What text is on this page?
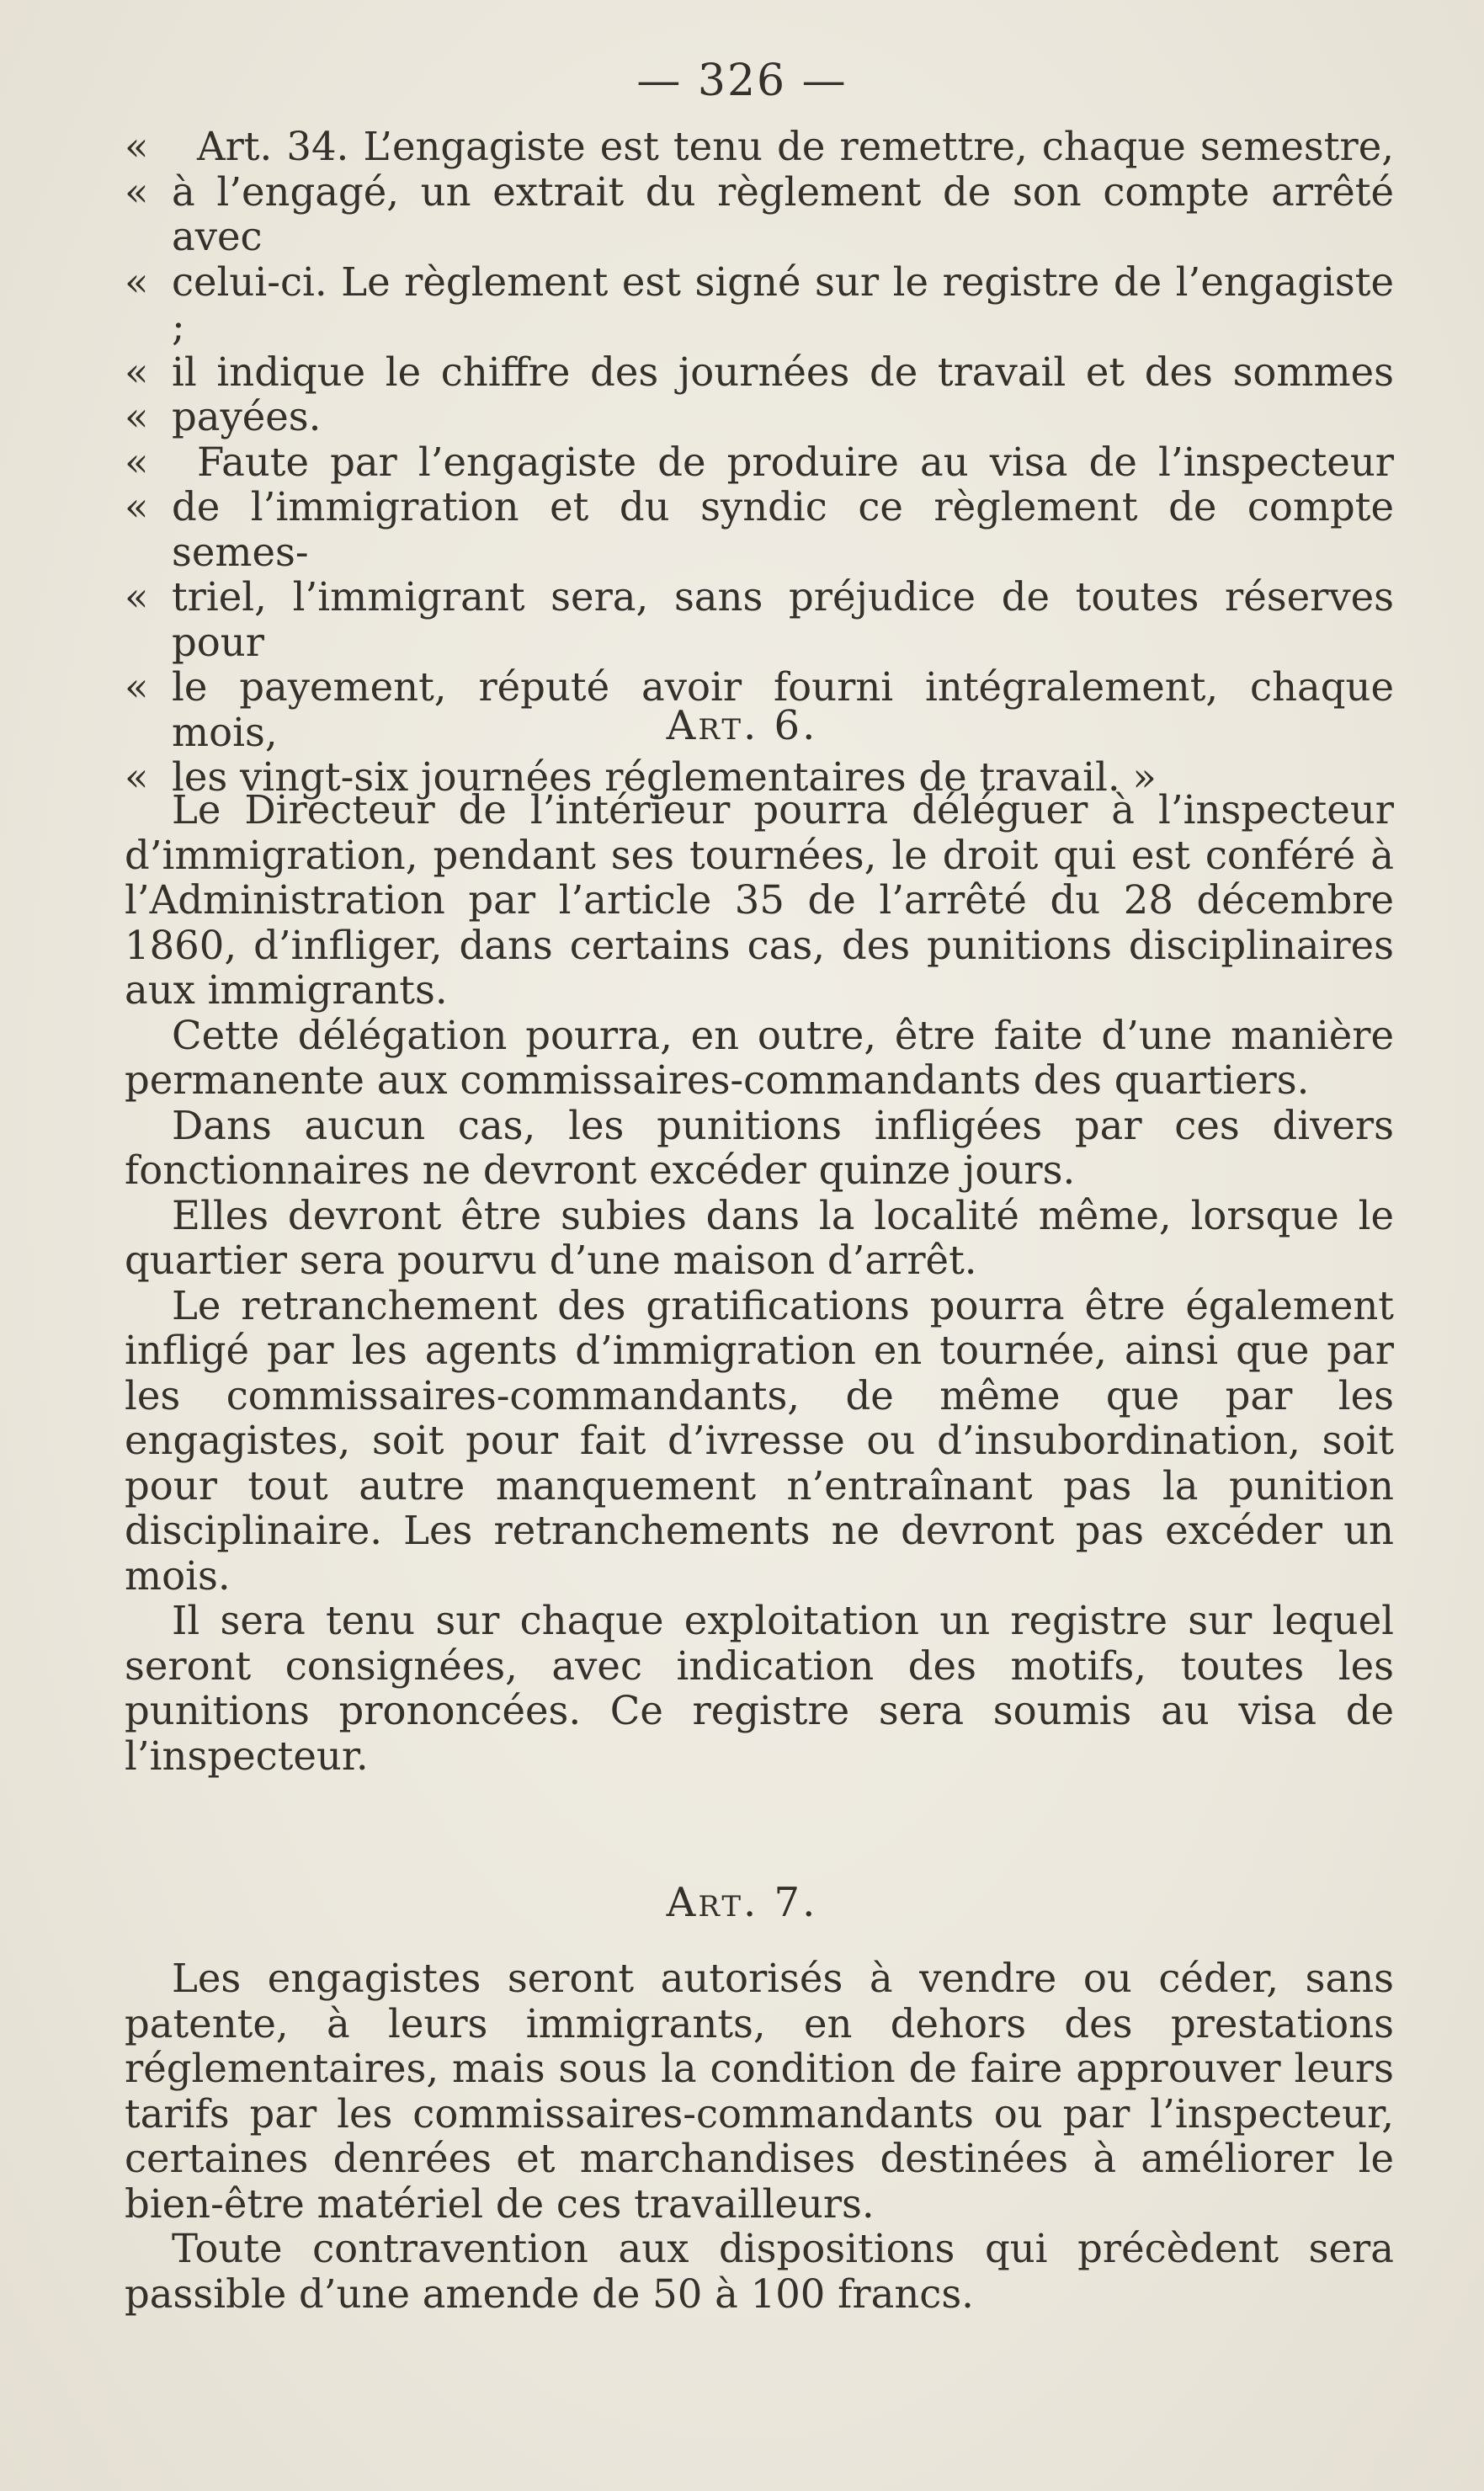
— 326 —
«	Art. 34. L’engagiste est tenu de remettre, chaque semestre,
« à l’engagé, un extrait du règlement de son compte arrêté avec
« celui-ci. Le règlement est signé sur le registre de l’engagiste ;
« il indique le chiffre des journées de travail et des sommes
« payées.
«	Faute par l’engagiste de produire au visa de l’inspecteur
« de l’immigration et du syndic ce règlement de compte semes-
« triel, l’immigrant sera, sans préjudice de toutes réserves pour
« le payement, réputé avoir fourni intégralement, chaque mois,
« les vingt-six journées réglementaires de travail. »
Art. 6.

Le Directeur de l’intérieur pourra déléguer à l’inspecteur d’immigration, pendant ses tournées, le droit qui est conféré à l’Administration par l’article 35 de l’arrêté du 28 décembre 1860, d’infliger, dans certains cas, des punitions disciplinaires aux immigrants.

Cette délégation pourra, en outre, être faite d’une manière permanente aux commissaires-commandants des quartiers.

Dans aucun cas, les punitions infligées par ces divers fonctionnaires ne devront excéder quinze jours.

Elles devront être subies dans la localité même, lorsque le quartier sera pourvu d’une maison d’arrêt.

Le retranchement des gratifications pourra être également infligé par les agents d’immigration en tournée, ainsi que par les commissaires-commandants, de même que par les engagistes, soit pour fait d’ivresse ou d’insubordination, soit pour tout autre manquement n’entraînant pas la punition disciplinaire. Les retranchements ne devront pas excéder un mois.

Il sera tenu sur chaque exploitation un registre sur lequel seront consignées, avec indication des motifs, toutes les punitions prononcées. Ce registre sera soumis au visa de l’inspecteur.

Art. 7.

Les engagistes seront autorisés à vendre ou céder, sans patente, à leurs immigrants, en dehors des prestations réglementaires, mais sous la condition de faire approuver leurs tarifs par les commissaires-commandants ou par l’inspecteur, certaines denrées et marchandises destinées à améliorer le bien-être matériel de ces travailleurs.

Toute contravention aux dispositions qui précèdent sera passible d’une amende de 50 à 100 francs.
